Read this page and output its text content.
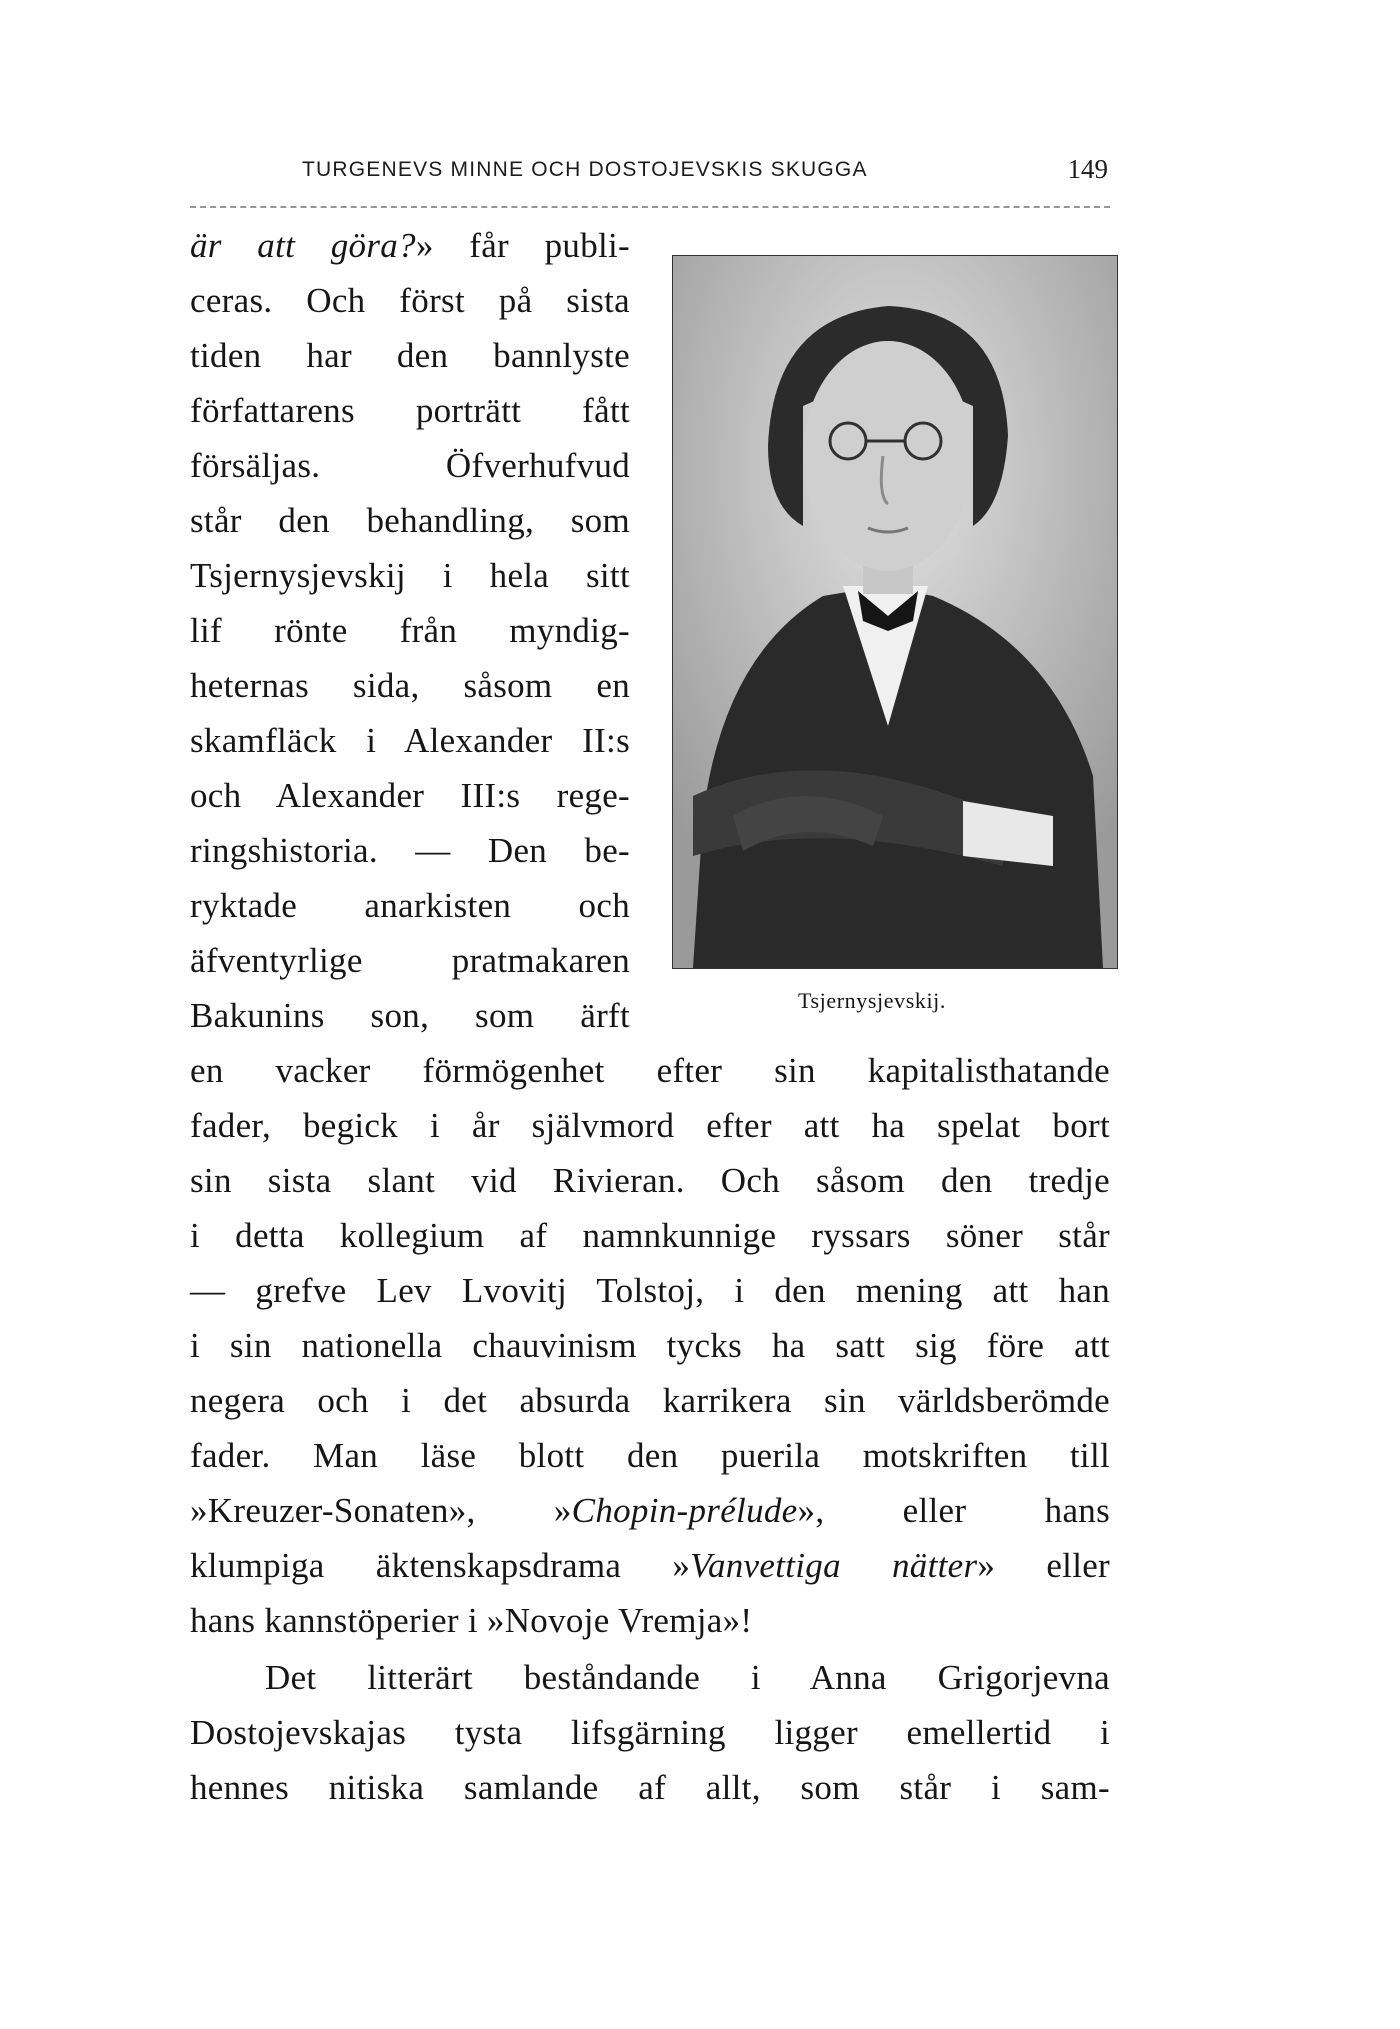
TURGENEVS MINNE OCH DOSTOJEVSKIS SKUGGA	149
Tsjernysjevskij.
är att göra?» får publi-
ceras. Och först på sista
tiden har den bannlyste
författarens porträtt fått
försäljas. Öfverhufvud
står den behandling, som
Tsjernysjevskij i hela sitt
lif rönte från myndig-
heternas sida, såsom en
skamfläck i Alexander II:s
och Alexander III:s rege-
ringshistoria. — Den be-
ryktade anarkisten och
äfventyrlige pratmakaren
Bakunins son, som ärft
en vacker förmögenhet efter sin kapitalisthatande
fader, begick i år självmord efter att ha spelat bort
sin sista slant vid Rivieran. Och såsom den tredje
i detta kollegium af namnkunnige ryssars söner står
— grefve Lev Lvovitj Tolstoj, i den mening att han
i sin nationella chauvinism tycks ha satt sig före att
negera och i det absurda karrikera sin världsberömde
fader. Man läse blott den puerila motskriften till
»Kreuzer-Sonaten», »Chopin-prélude», eller hans
klumpiga äktenskapsdrama »Vanvettiga nätter» eller
hans kannstöperier i »Novoje Vremja»!
Det litterärt beståndande i Anna Grigorjevna
Dostojevskajas tysta lifsgärning ligger emellertid i
hennes nitiska samlande af allt, som står i sam-
